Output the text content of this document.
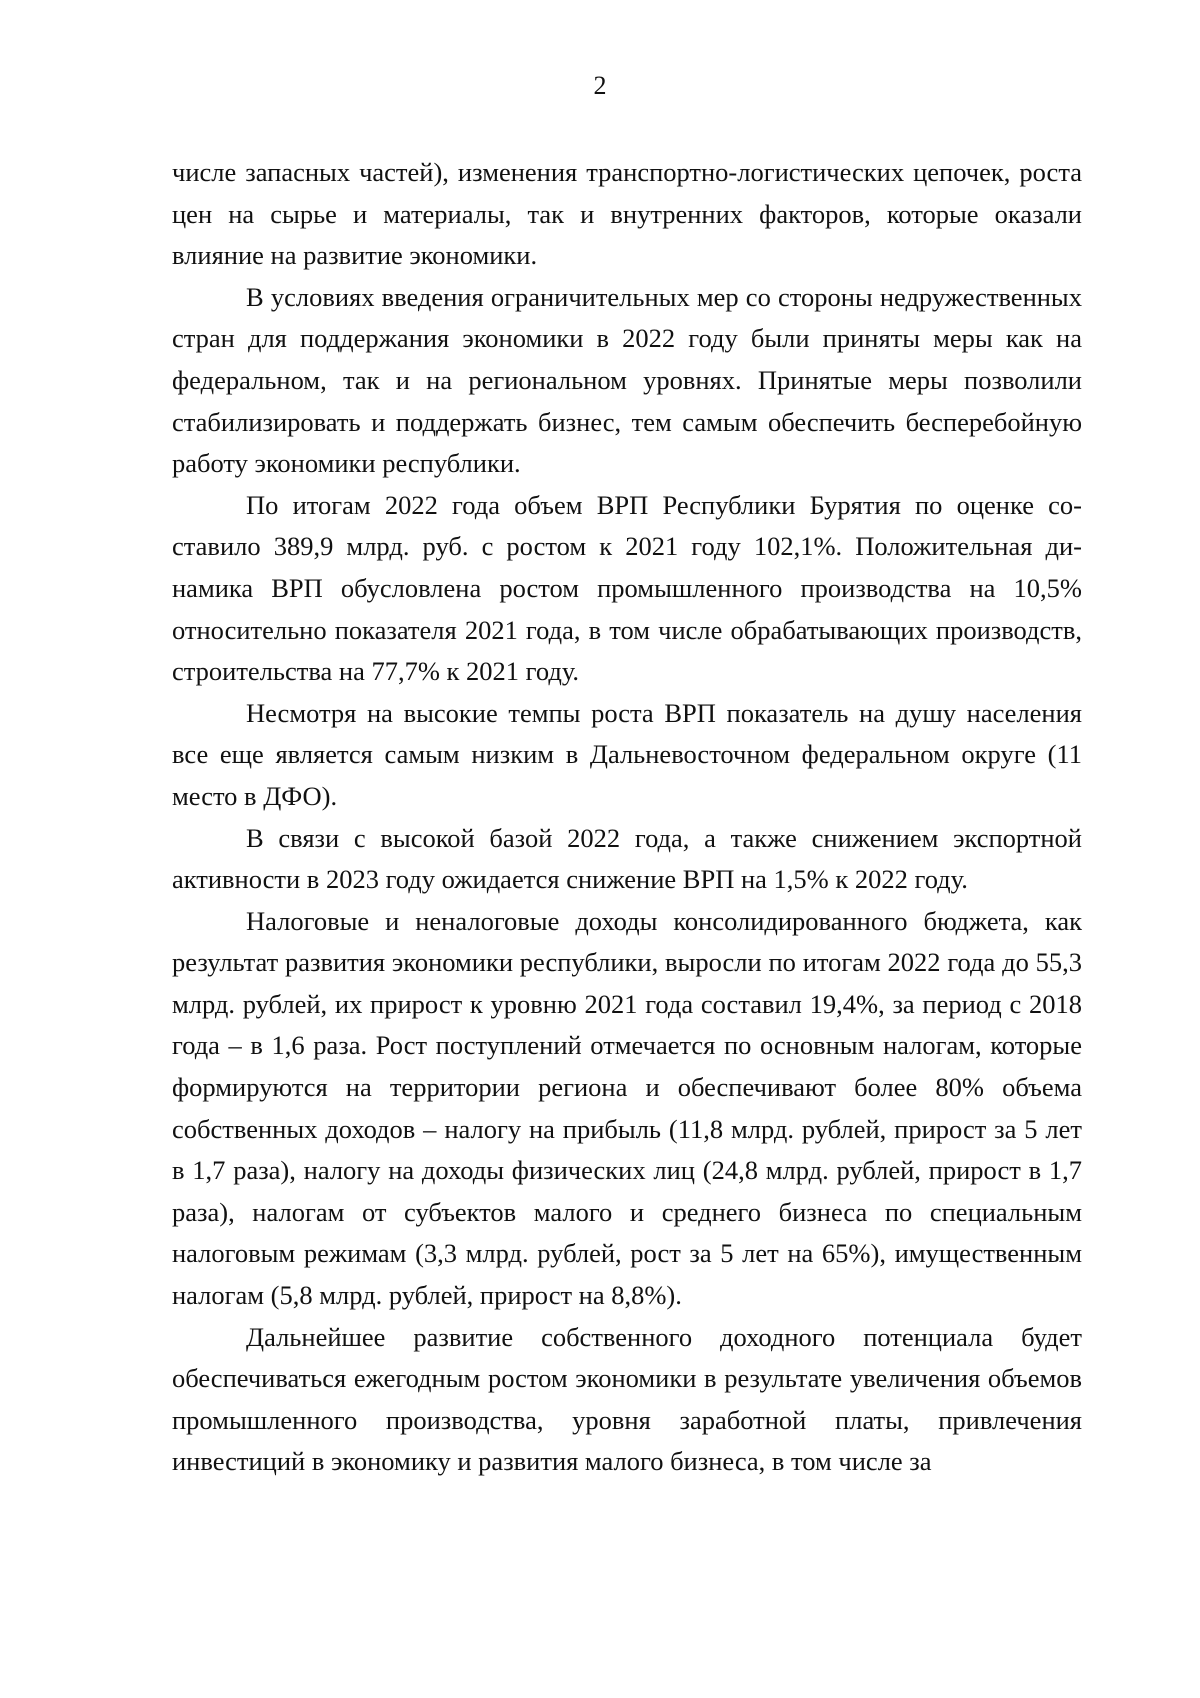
2

числе запасных частей), изменения транспортно-логистических цепочек, роста цен на сырье и материалы, так и внутренних факторов, которые оказали влияние на развитие экономики.

В условиях введения ограничительных мер со стороны недружественных стран для поддержания экономики в 2022 году были приняты меры как на федеральном, так и на региональном уровнях. Принятые меры позволили стабилизировать и поддержать бизнес, тем самым обеспечить бесперебойную работу экономики республики.

По итогам 2022 года объем ВРП Республики Бурятия по оценке составило 389,9 млрд. руб. с ростом к 2021 году 102,1%. Положительная динамика ВРП обусловлена ростом промышленного производства на 10,5% относительно показателя 2021 года, в том числе обрабатывающих производств, строительства на 77,7% к 2021 году.

Несмотря на высокие темпы роста ВРП показатель на душу населения все еще является самым низким в Дальневосточном федеральном округе (11 место в ДФО).

В связи с высокой базой 2022 года, а также снижением экспортной активности в 2023 году ожидается снижение ВРП на 1,5% к 2022 году.

Налоговые и неналоговые доходы консолидированного бюджета, как результат развития экономики республики, выросли по итогам 2022 года до 55,3 млрд. рублей, их прирост к уровню 2021 года составил 19,4%, за период с 2018 года – в 1,6 раза. Рост поступлений отмечается по основным налогам, которые формируются на территории региона и обеспечивают более 80% объема собственных доходов – налогу на прибыль (11,8 млрд. рублей, прирост за 5 лет в 1,7 раза), налогу на доходы физических лиц (24,8 млрд. рублей, прирост в 1,7 раза), налогам от субъектов малого и среднего бизнеса по специальным налоговым режимам (3,3 млрд. рублей, рост за 5 лет на 65%), имущественным налогам (5,8 млрд. рублей, прирост на 8,8%).

Дальнейшее развитие собственного доходного потенциала будет обеспечиваться ежегодным ростом экономики в результате увеличения объемов промышленного производства, уровня заработной платы, привлечения инвестиций в экономику и развития малого бизнеса, в том числе за
